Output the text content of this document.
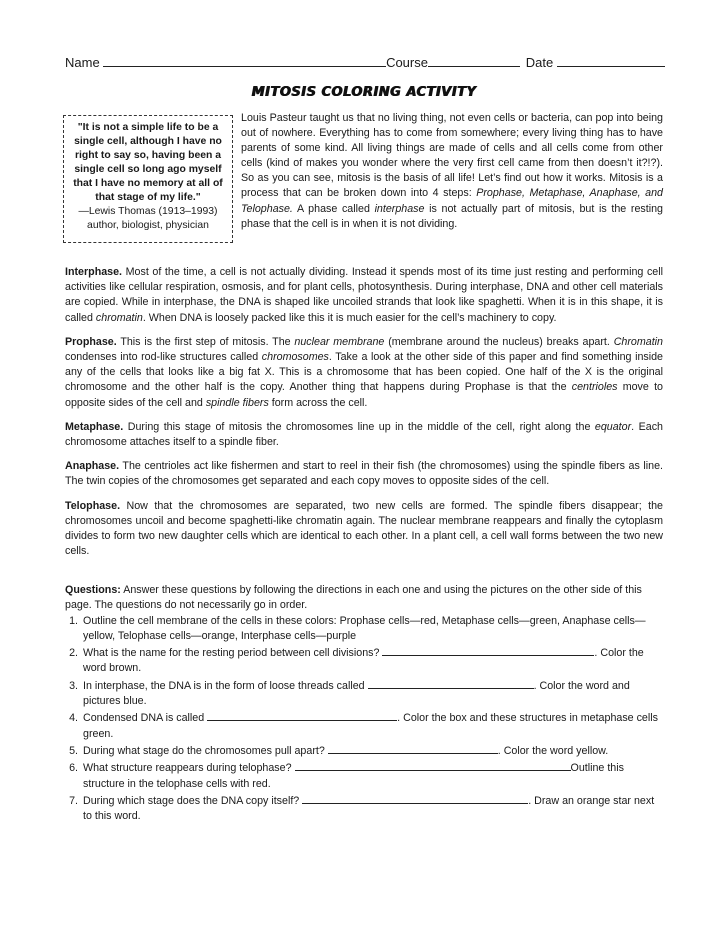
Name	Course	Date
MITOSIS COLORING ACTIVITY
"It is not a simple life to be a single cell, although I have no right to say so, having been a single cell so long ago myself that I have no memory at all of that stage of my life."
—Lewis Thomas (1913–1993)
author, biologist, physician
Louis Pasteur taught us that no living thing, not even cells or bacteria, can pop into being out of nowhere. Everything has to come from somewhere; every living thing has to have parents of some kind. All living things are made of cells and all cells come from other cells (kind of makes you wonder where the very first cell came from then doesn’t it?!?). So as you can see, mitosis is the basis of all life! Let’s find out how it works. Mitosis is a process that can be broken down into 4 steps: Prophase, Metaphase, Anaphase, and Telophase. A phase called interphase is not actually part of mitosis, but is the resting phase that the cell is in when it is not dividing.

Interphase. Most of the time, a cell is not actually dividing. Instead it spends most of its time just resting and performing cell activities like cellular respiration, osmosis, and for plant cells, photosynthesis. During interphase, DNA and other cell materials are copied. While in interphase, the DNA is shaped like uncoiled strands that look like spaghetti. When it is in this shape, it is called chromatin. When DNA is loosely packed like this it is much easier for the cell’s machinery to copy.

Prophase. This is the first step of mitosis. The nuclear membrane (membrane around the nucleus) breaks apart. Chromatin condenses into rod-like structures called chromosomes. Take a look at the other side of this paper and find something inside any of the cells that looks like a big fat X. This is a chromosome that has been copied. One half of the X is the original chromosome and the other half is the copy. Another thing that happens during Prophase is that the centrioles move to opposite sides of the cell and spindle fibers form across the cell.

Metaphase. During this stage of mitosis the chromosomes line up in the middle of the cell, right along the equator. Each chromosome attaches itself to a spindle fiber.

Anaphase. The centrioles act like fishermen and start to reel in their fish (the chromosomes) using the spindle fibers as line. The twin copies of the chromosomes get separated and each copy moves to opposite sides of the cell.

Telophase. Now that the chromosomes are separated, two new cells are formed. The spindle fibers disappear; the chromosomes uncoil and become spaghetti-like chromatin again. The nuclear membrane reappears and finally the cytoplasm divides to form two new daughter cells which are identical to each other. In a plant cell, a cell wall forms between the two new cells.

Questions: Answer these questions by following the directions in each one and using the pictures on the other side of this page. The questions do not necessarily go in order.

1. Outline the cell membrane of the cells in these colors: Prophase cells—red, Metaphase cells—green, Anaphase cells—yellow, Telophase cells—orange, Interphase cells—purple
2. What is the name for the resting period between cell divisions?	. Color the word brown.
3. In interphase, the DNA is in the form of loose threads called	. Color the word and pictures blue.
4. Condensed DNA is called	. Color the box and these structures in metaphase cells green.
5. During what stage do the chromosomes pull apart?	. Color the word yellow.
6. What structure reappears during telophase?	Outline this structure in the telophase cells with red.
7. During which stage does the DNA copy itself?	. Draw an orange star next to this word.
